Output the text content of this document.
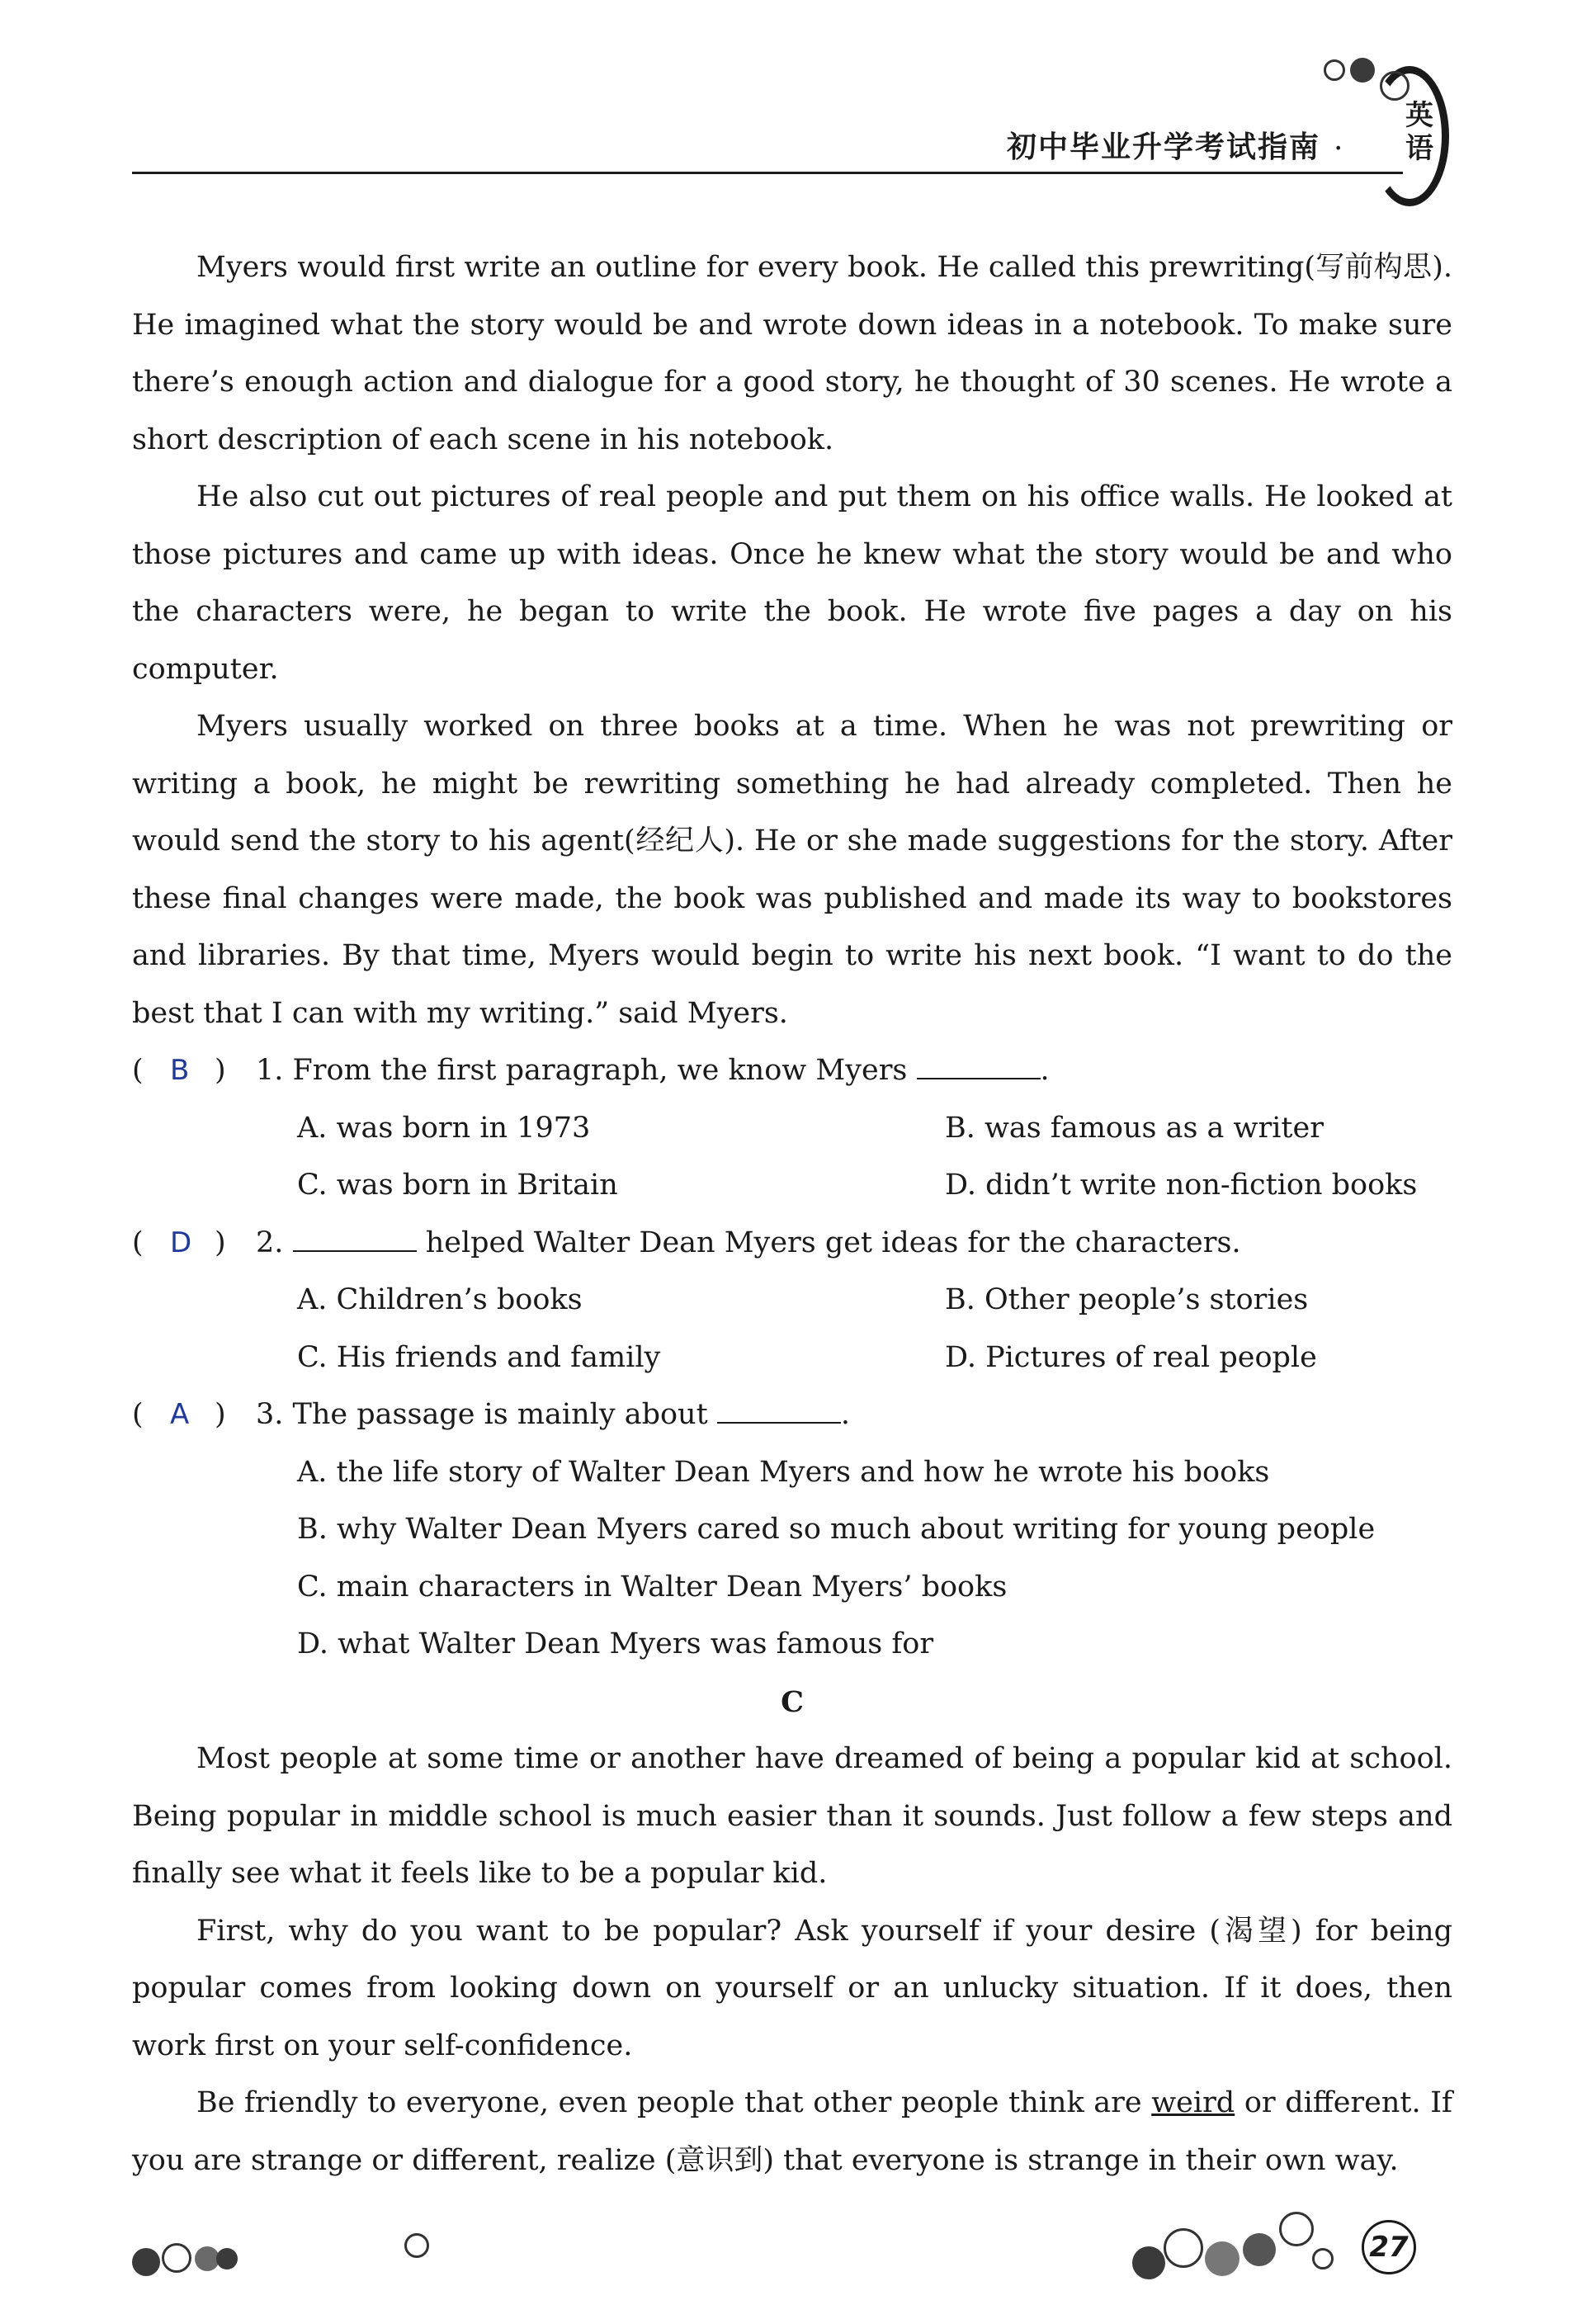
初中毕业升学考试指南 ·
英
语

Myers would first write an outline for every book. He called this prewriting(写前构思). He imagined what the story would be and wrote down ideas in a notebook. To make sure there’s enough action and dialogue for a good story, he thought of 30 scenes. He wrote a short description of each scene in his notebook.

He also cut out pictures of real people and put them on his office walls. He looked at those pictures and came up with ideas. Once he knew what the story would be and who the characters were, he began to write the book. He wrote five pages a day on his computer.

Myers usually worked on three books at a time. When he was not prewriting or writing a book, he might be rewriting something he had already completed. Then he would send the story to his agent(经纪人). He or she made suggestions for the story. After these final changes were made, the book was published and made its way to bookstores and libraries. By that time, Myers would begin to write his next book. “I want to do the best that I can with my writing.” said Myers.

( B ) 1. From the first paragraph, we know Myers	.
A. was born in 1973	B. was famous as a writer
C. was born in Britain	D. didn’t write non-fiction books
( D ) 2.	helped Walter Dean Myers get ideas for the characters.
A. Children’s books	B. Other people’s stories
C. His friends and family	D. Pictures of real people
( A ) 3. The passage is mainly about	.
A. the life story of Walter Dean Myers and how he wrote his books
B. why Walter Dean Myers cared so much about writing for young people
C. main characters in Walter Dean Myers’ books
D. what Walter Dean Myers was famous for
C

Most people at some time or another have dreamed of being a popular kid at school. Being popular in middle school is much easier than it sounds. Just follow a few steps and finally see what it feels like to be a popular kid.

First, why do you want to be popular? Ask yourself if your desire (渴望) for being popular comes from looking down on yourself or an unlucky situation. If it does, then work first on your self-confidence.

Be friendly to everyone, even people that other people think are weird or different. If you are strange or different, realize (意识到) that everyone is strange in their own way.

27
